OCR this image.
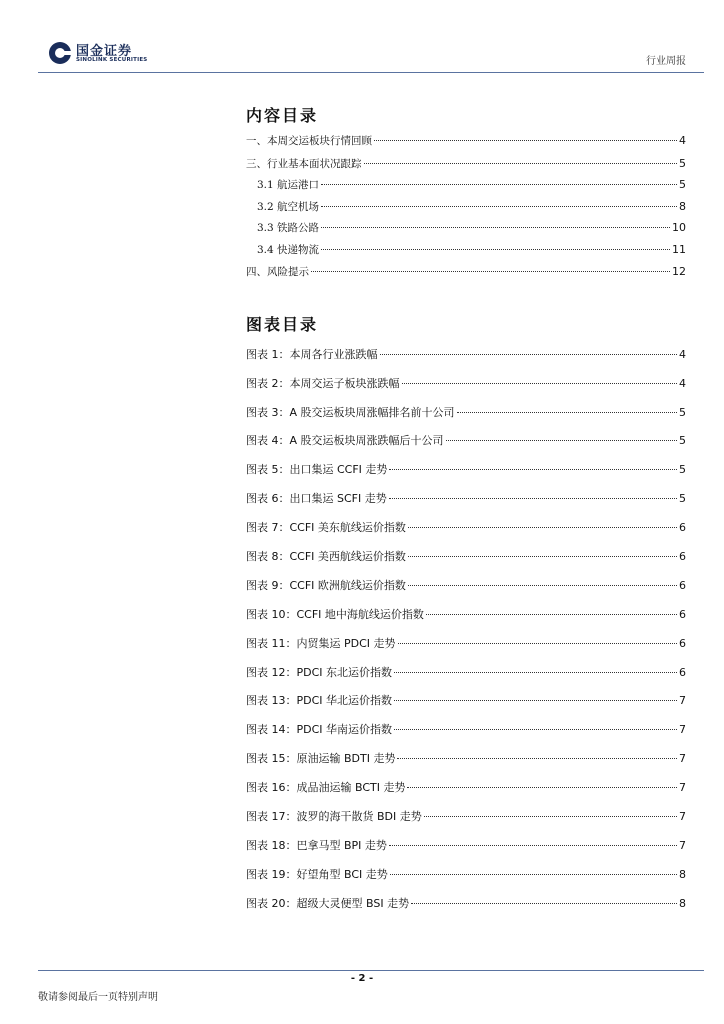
国金证券
SINOLINK SECURITIES	行业周报
内容目录
一、本周交运板块行情回顾	4
三、行业基本面状况跟踪	5
3.1 航运港口	5
3.2 航空机场	8
3.3 铁路公路	10
3.4 快递物流	11
四、风险提示	12
图表目录
图表 1：本周各行业涨跌幅	4
图表 2：本周交运子板块涨跌幅	4
图表 3：A 股交运板块周涨幅排名前十公司	5
图表 4：A 股交运板块周涨跌幅后十公司	5
图表 5：出口集运 CCFI 走势	5
图表 6：出口集运 SCFI 走势	5
图表 7：CCFI 美东航线运价指数	6
图表 8：CCFI 美西航线运价指数	6
图表 9：CCFI 欧洲航线运价指数	6
图表 10：CCFI 地中海航线运价指数	6
图表 11：内贸集运 PDCI 走势	6
图表 12：PDCI 东北运价指数	6
图表 13：PDCI 华北运价指数	7
图表 14：PDCI 华南运价指数	7
图表 15：原油运输 BDTI 走势	7
图表 16：成品油运输 BCTI 走势	7
图表 17：波罗的海干散货 BDI 走势	7
图表 18：巴拿马型 BPI 走势	7
图表 19：好望角型 BCI 走势	8
图表 20：超级大灵便型 BSI 走势	8
- 2 -
敬请参阅最后一页特别声明
